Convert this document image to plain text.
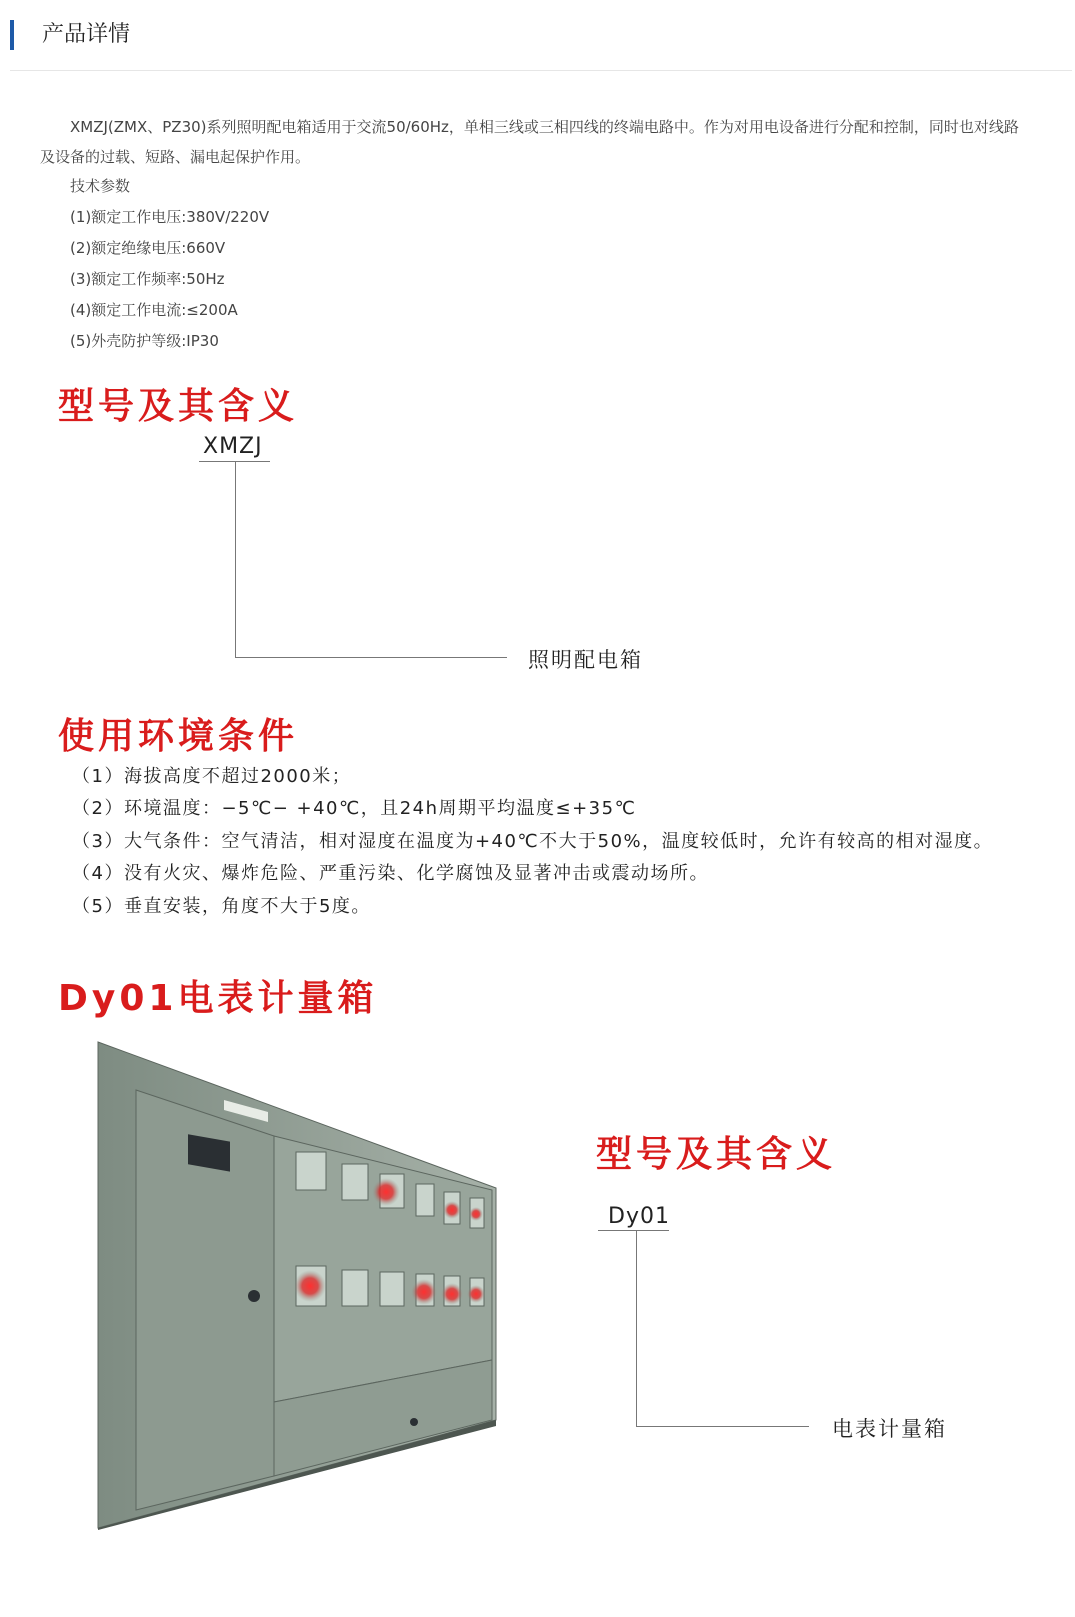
产品详情

XMZJ(ZMX、PZ30)系列照明配电箱适用于交流50/60Hz，单相三线或三相四线的终端电路中。作为对用电设备进行分配和控制，同时也对线路及设备的过载、短路、漏电起保护作用。

技术参数
(1)额定工作电压:380V/220V
(2)额定绝缘电压:660V
(3)额定工作频率:50Hz
(4)额定工作电流:≤200A
(5)外壳防护等级:IP30
型号及其含义
XMZJ
照明配电箱
使用环境条件
（1）海拔高度不超过2000米；
（2）环境温度：−5℃− +40℃，且24h周期平均温度≤+35℃
（3）大气条件：空气清洁，相对湿度在温度为+40℃不大于50%，温度较低时，允许有较高的相对湿度。
（4）没有火灾、爆炸危险、严重污染、化学腐蚀及显著冲击或震动场所。
（5）垂直安装，角度不大于5度。
Dy01电表计量箱
型号及其含义
Dy01
电表计量箱
